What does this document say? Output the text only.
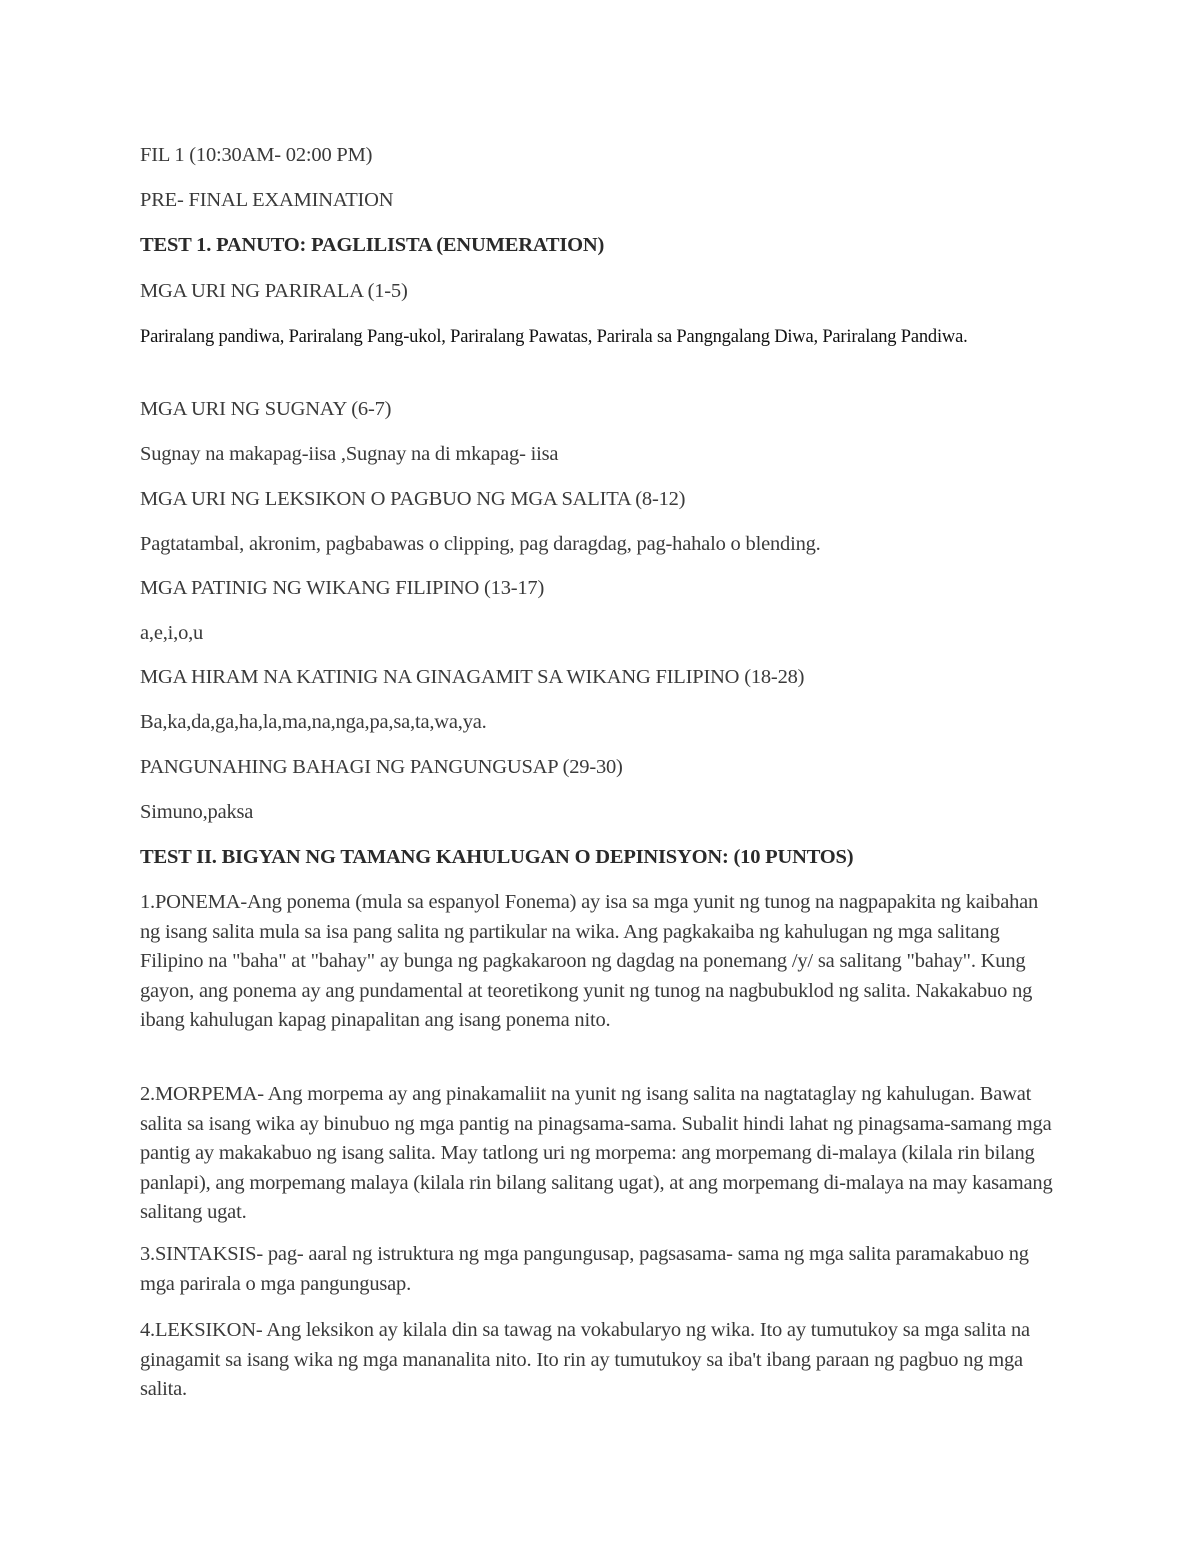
FIL 1 (10:30AM- 02:00 PM)
PRE- FINAL EXAMINATION
TEST 1. PANUTO: PAGLILISTA (ENUMERATION)
MGA URI NG PARIRALA (1-5)
Pariralang pandiwa, Pariralang Pang-ukol, Pariralang Pawatas, Parirala sa Pangngalang Diwa, Pariralang Pandiwa.
MGA URI NG SUGNAY (6-7)
Sugnay na makapag-iisa ,Sugnay na di mkapag- iisa
MGA URI NG LEKSIKON O PAGBUO NG MGA SALITA (8-12)
Pagtatambal, akronim, pagbabawas o clipping, pag daragdag, pag-hahalo o blending.
MGA PATINIG NG WIKANG FILIPINO (13-17)
a,e,i,o,u
MGA HIRAM NA KATINIG NA GINAGAMIT SA WIKANG FILIPINO (18-28)
Ba,ka,da,ga,ha,la,ma,na,nga,pa,sa,ta,wa,ya.
PANGUNAHING BAHAGI NG PANGUNGUSAP (29-30)
Simuno,paksa
TEST II. BIGYAN NG TAMANG KAHULUGAN O DEPINISYON: (10 PUNTOS)
1.PONEMA-Ang ponema (mula sa espanyol Fonema) ay isa sa mga yunit ng tunog na nagpapakita ng kaibahan ng isang salita mula sa isa pang salita ng partikular na wika. Ang pagkakaiba ng kahulugan ng mga salitang Filipino na "baha" at "bahay" ay bunga ng pagkakaroon ng dagdag na ponemang /y/ sa salitang "bahay". Kung gayon, ang ponema ay ang pundamental at teoretikong yunit ng tunog na nagbubuklod ng salita. Nakakabuo ng ibang kahulugan kapag pinapalitan ang isang ponema nito.
2.MORPEMA- Ang morpema ay ang pinakamaliit na yunit ng isang salita na nagtataglay ng kahulugan. Bawat salita sa isang wika ay binubuo ng mga pantig na pinagsama-sama. Subalit hindi lahat ng pinagsama-samang mga pantig ay makakabuo ng isang salita. May tatlong uri ng morpema: ang morpemang di-malaya (kilala rin bilang panlapi), ang morpemang malaya (kilala rin bilang salitang ugat), at ang morpemang di-malaya na may kasamang salitang ugat.
3.SINTAKSIS- pag- aaral ng istruktura ng mga pangungusap, pagsasama- sama ng mga salita paramakabuo ng mga parirala o mga pangungusap.
4.LEKSIKON- Ang leksikon ay kilala din sa tawag na vokabularyo ng wika. Ito ay tumutukoy sa mga salita na ginagamit sa isang wika ng mga mananalita nito. Ito rin ay tumutukoy sa iba't ibang paraan ng pagbuo ng mga salita.
